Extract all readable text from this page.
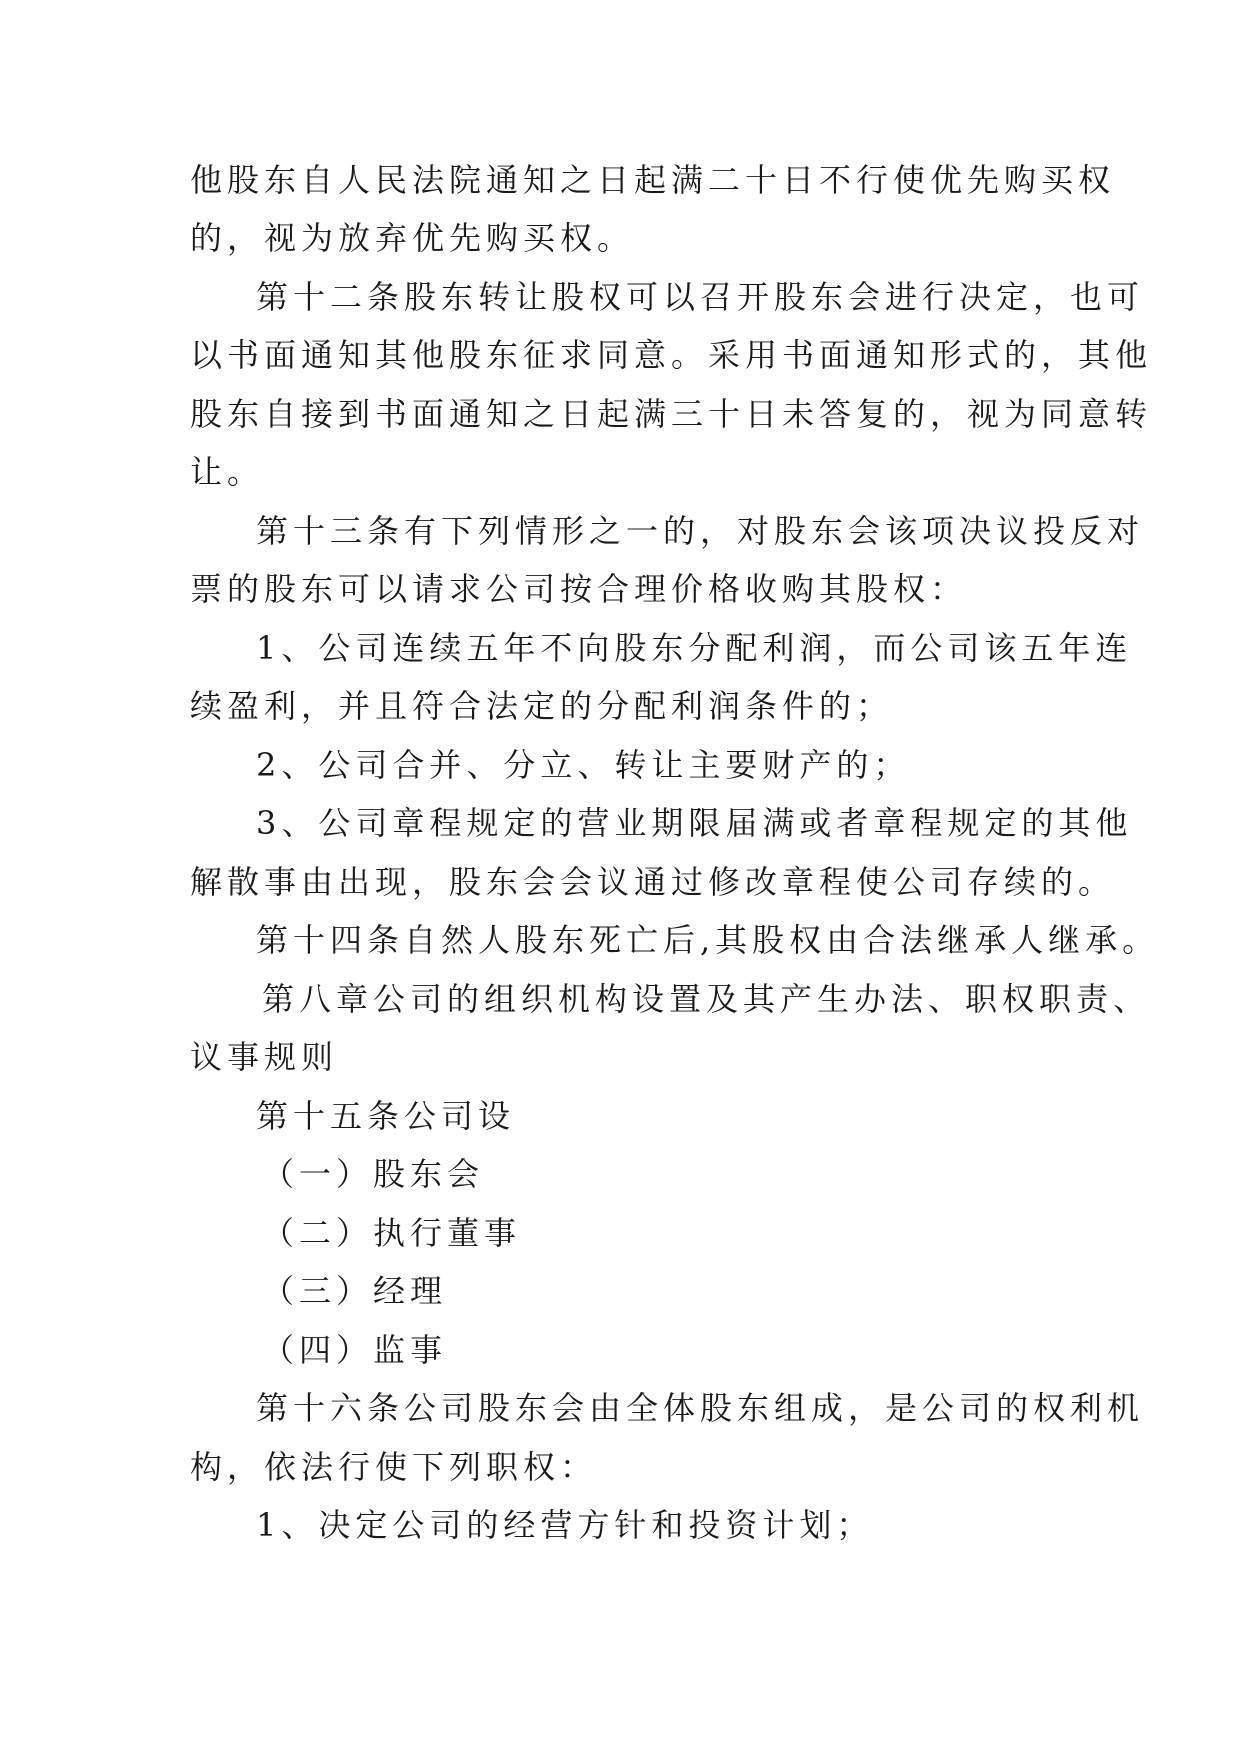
他股东自人民法院通知之日起满二十日不行使优先购买权
的，视为放弃优先购买权。
第十二条股东转让股权可以召开股东会进行决定，也可
以书面通知其他股东征求同意。采用书面通知形式的，其他
股东自接到书面通知之日起满三十日未答复的，视为同意转
让。
第十三条有下列情形之一的，对股东会该项决议投反对
票的股东可以请求公司按合理价格收购其股权：
1、公司连续五年不向股东分配利润，而公司该五年连
续盈利，并且符合法定的分配利润条件的；
2、公司合并、分立、转让主要财产的；
3、公司章程规定的营业期限届满或者章程规定的其他
解散事由出现，股东会会议通过修改章程使公司存续的。
第十四条自然人股东死亡后,其股权由合法继承人继承。
第八章公司的组织机构设置及其产生办法、职权职责、
议事规则
第十五条公司设
（一）股东会
（二）执行董事
（三）经理
（四）监事
第十六条公司股东会由全体股东组成，是公司的权利机
构，依法行使下列职权：
1、决定公司的经营方针和投资计划；
